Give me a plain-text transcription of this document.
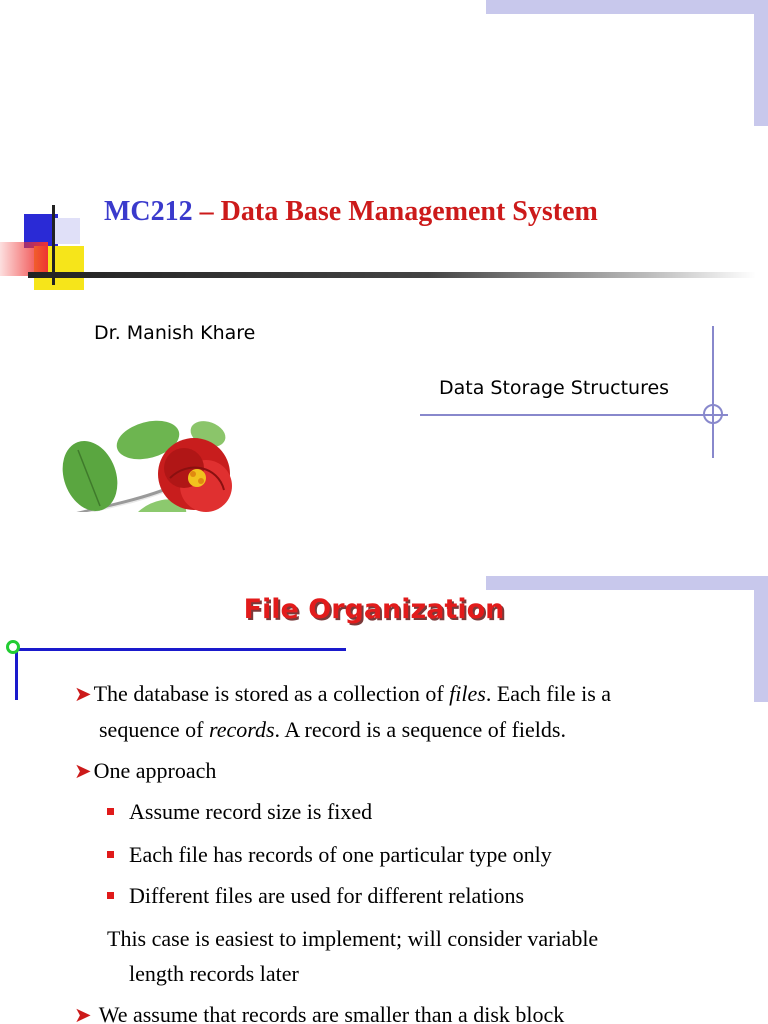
MC212 – Data Base Management System
Dr. Manish Khare
Data Storage Structures
File Organization
➤The database is stored as a collection of files. Each file is a
sequence of records. A record is a sequence of fields.
➤One approach
Assume record size is fixed
Each file has records of one particular type only
Different files are used for different relations
This case is easiest to implement; will consider variable
length records later
➤ We assume that records are smaller than a disk block
